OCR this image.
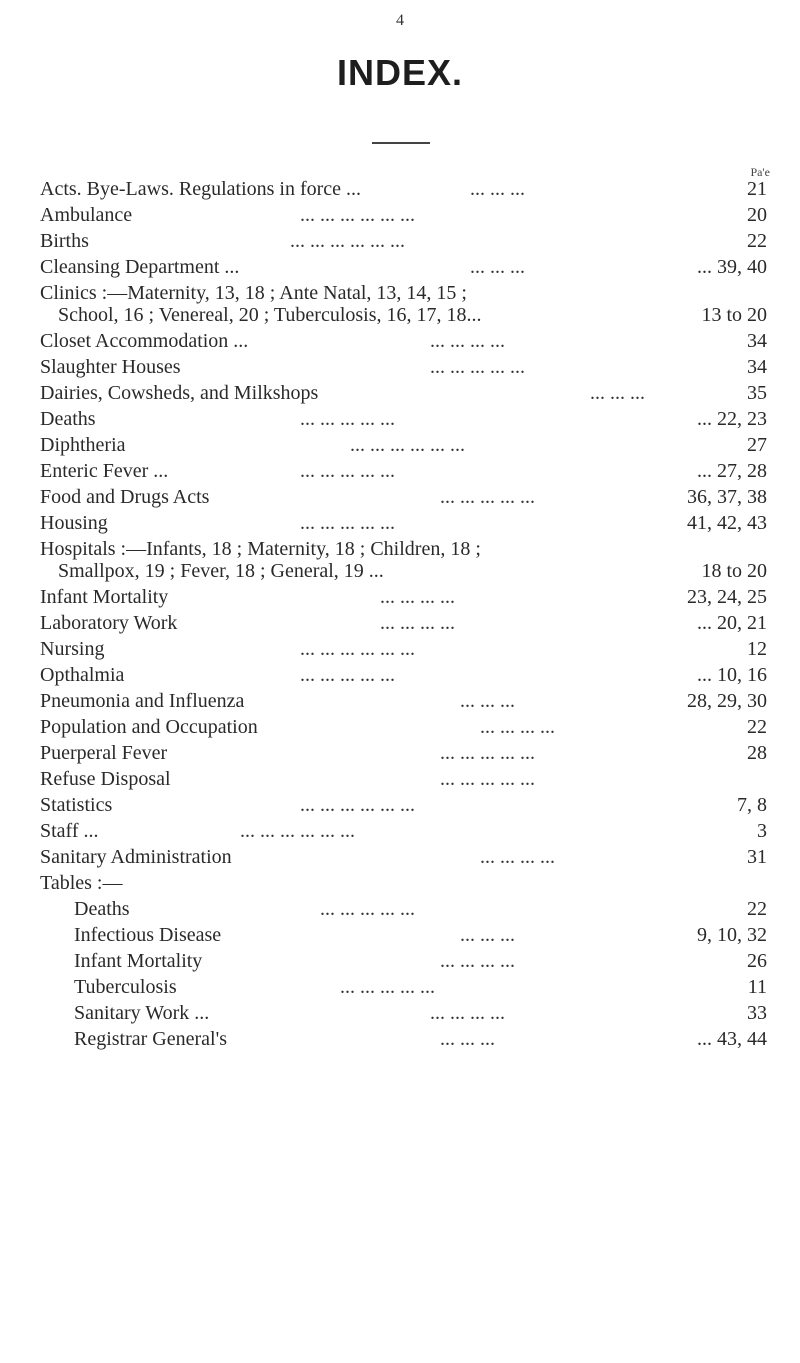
4
INDEX.
Pa'e
Acts. Bye-Laws. Regulations in force ...	... ... ...	21
Ambulance	... ... ... ... ... ...	20
Births	... ... ... ... ... ...	22
Cleansing Department ...	... ... ...	... 39, 40
Clinics :—Maternity, 13, 18 ; Ante Natal, 13, 14, 15 ;
School, 16 ; Venereal, 20 ; Tuberculosis, 16, 17, 18...	13 to 20
Closet Accommodation ...	... ... ... ...	34
Slaughter Houses	... ... ... ... ...	34
Dairies, Cowsheds, and Milkshops	... ... ...	35
Deaths	... ... ... ... ...	... 22, 23
Diphtheria	... ... ... ... ... ...	27
Enteric Fever ...	... ... ... ... ...	... 27, 28
Food and Drugs Acts	... ... ... ... ...	36, 37, 38
Housing	... ... ... ... ...	41, 42, 43
Hospitals :—Infants, 18 ; Maternity, 18 ; Children, 18 ;
Smallpox, 19 ; Fever, 18 ; General, 19 ...	18 to 20
Infant Mortality	... ... ... ...	23, 24, 25
Laboratory Work	... ... ... ...	... 20, 21
Nursing	... ... ... ... ... ...	12
Opthalmia	... ... ... ... ...	... 10, 16
Pneumonia and Influenza	... ... ...	28, 29, 30
Population and Occupation	... ... ... ...	22
Puerperal Fever	... ... ... ... ...	28
Refuse Disposal	... ... ... ... ...
Statistics	... ... ... ... ... ...	7, 8
Staff ...	... ... ... ... ... ...	3
Sanitary Administration	... ... ... ...	31
Tables :—
Deaths	... ... ... ... ...	22
Infectious Disease	... ... ...	9, 10, 32
Infant Mortality	... ... ... ...	26
Tuberculosis	... ... ... ... ...	11
Sanitary Work ...	... ... ... ...	33
Registrar General's	... ... ...	... 43, 44
